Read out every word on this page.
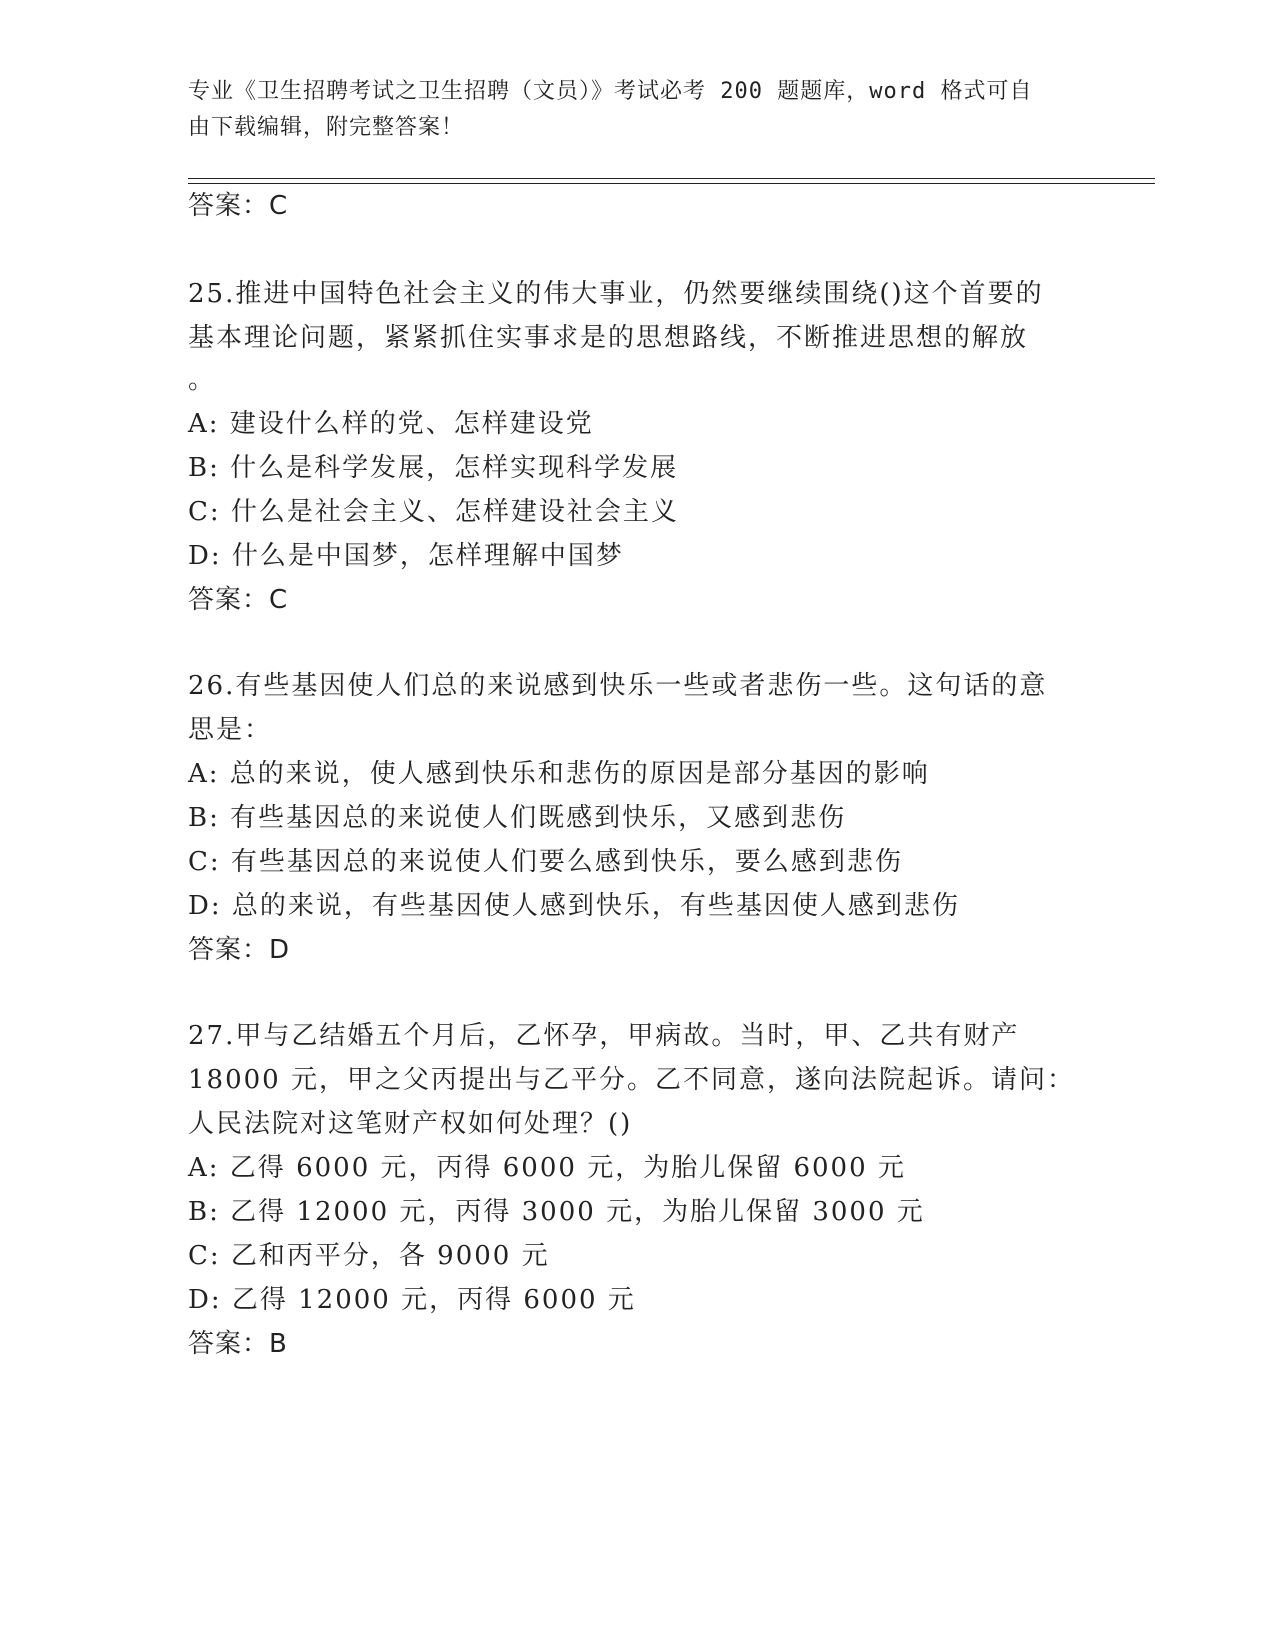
专业《卫生招聘考试之卫生招聘（文员）》考试必考 200 题题库，word 格式可自
由下载编辑，附完整答案！
答案：C
25.推进中国特色社会主义的伟大事业，仍然要继续围绕()这个首要的
基本理论问题，紧紧抓住实事求是的思想路线，不断推进思想的解放
。
A: 建设什么样的党、怎样建设党
B: 什么是科学发展，怎样实现科学发展
C: 什么是社会主义、怎样建设社会主义
D: 什么是中国梦，怎样理解中国梦
答案：C
26.有些基因使人们总的来说感到快乐一些或者悲伤一些。这句话的意
思是：
A: 总的来说，使人感到快乐和悲伤的原因是部分基因的影响
B: 有些基因总的来说使人们既感到快乐，又感到悲伤
C: 有些基因总的来说使人们要么感到快乐，要么感到悲伤
D: 总的来说，有些基因使人感到快乐，有些基因使人感到悲伤
答案：D
27.甲与乙结婚五个月后，乙怀孕，甲病故。当时，甲、乙共有财产
18000 元，甲之父丙提出与乙平分。乙不同意，遂向法院起诉。请问：
人民法院对这笔财产权如何处理？()
A: 乙得 6000 元，丙得 6000 元，为胎儿保留 6000 元
B: 乙得 12000 元，丙得 3000 元，为胎儿保留 3000 元
C: 乙和丙平分，各 9000 元
D: 乙得 12000 元，丙得 6000 元
答案：B
